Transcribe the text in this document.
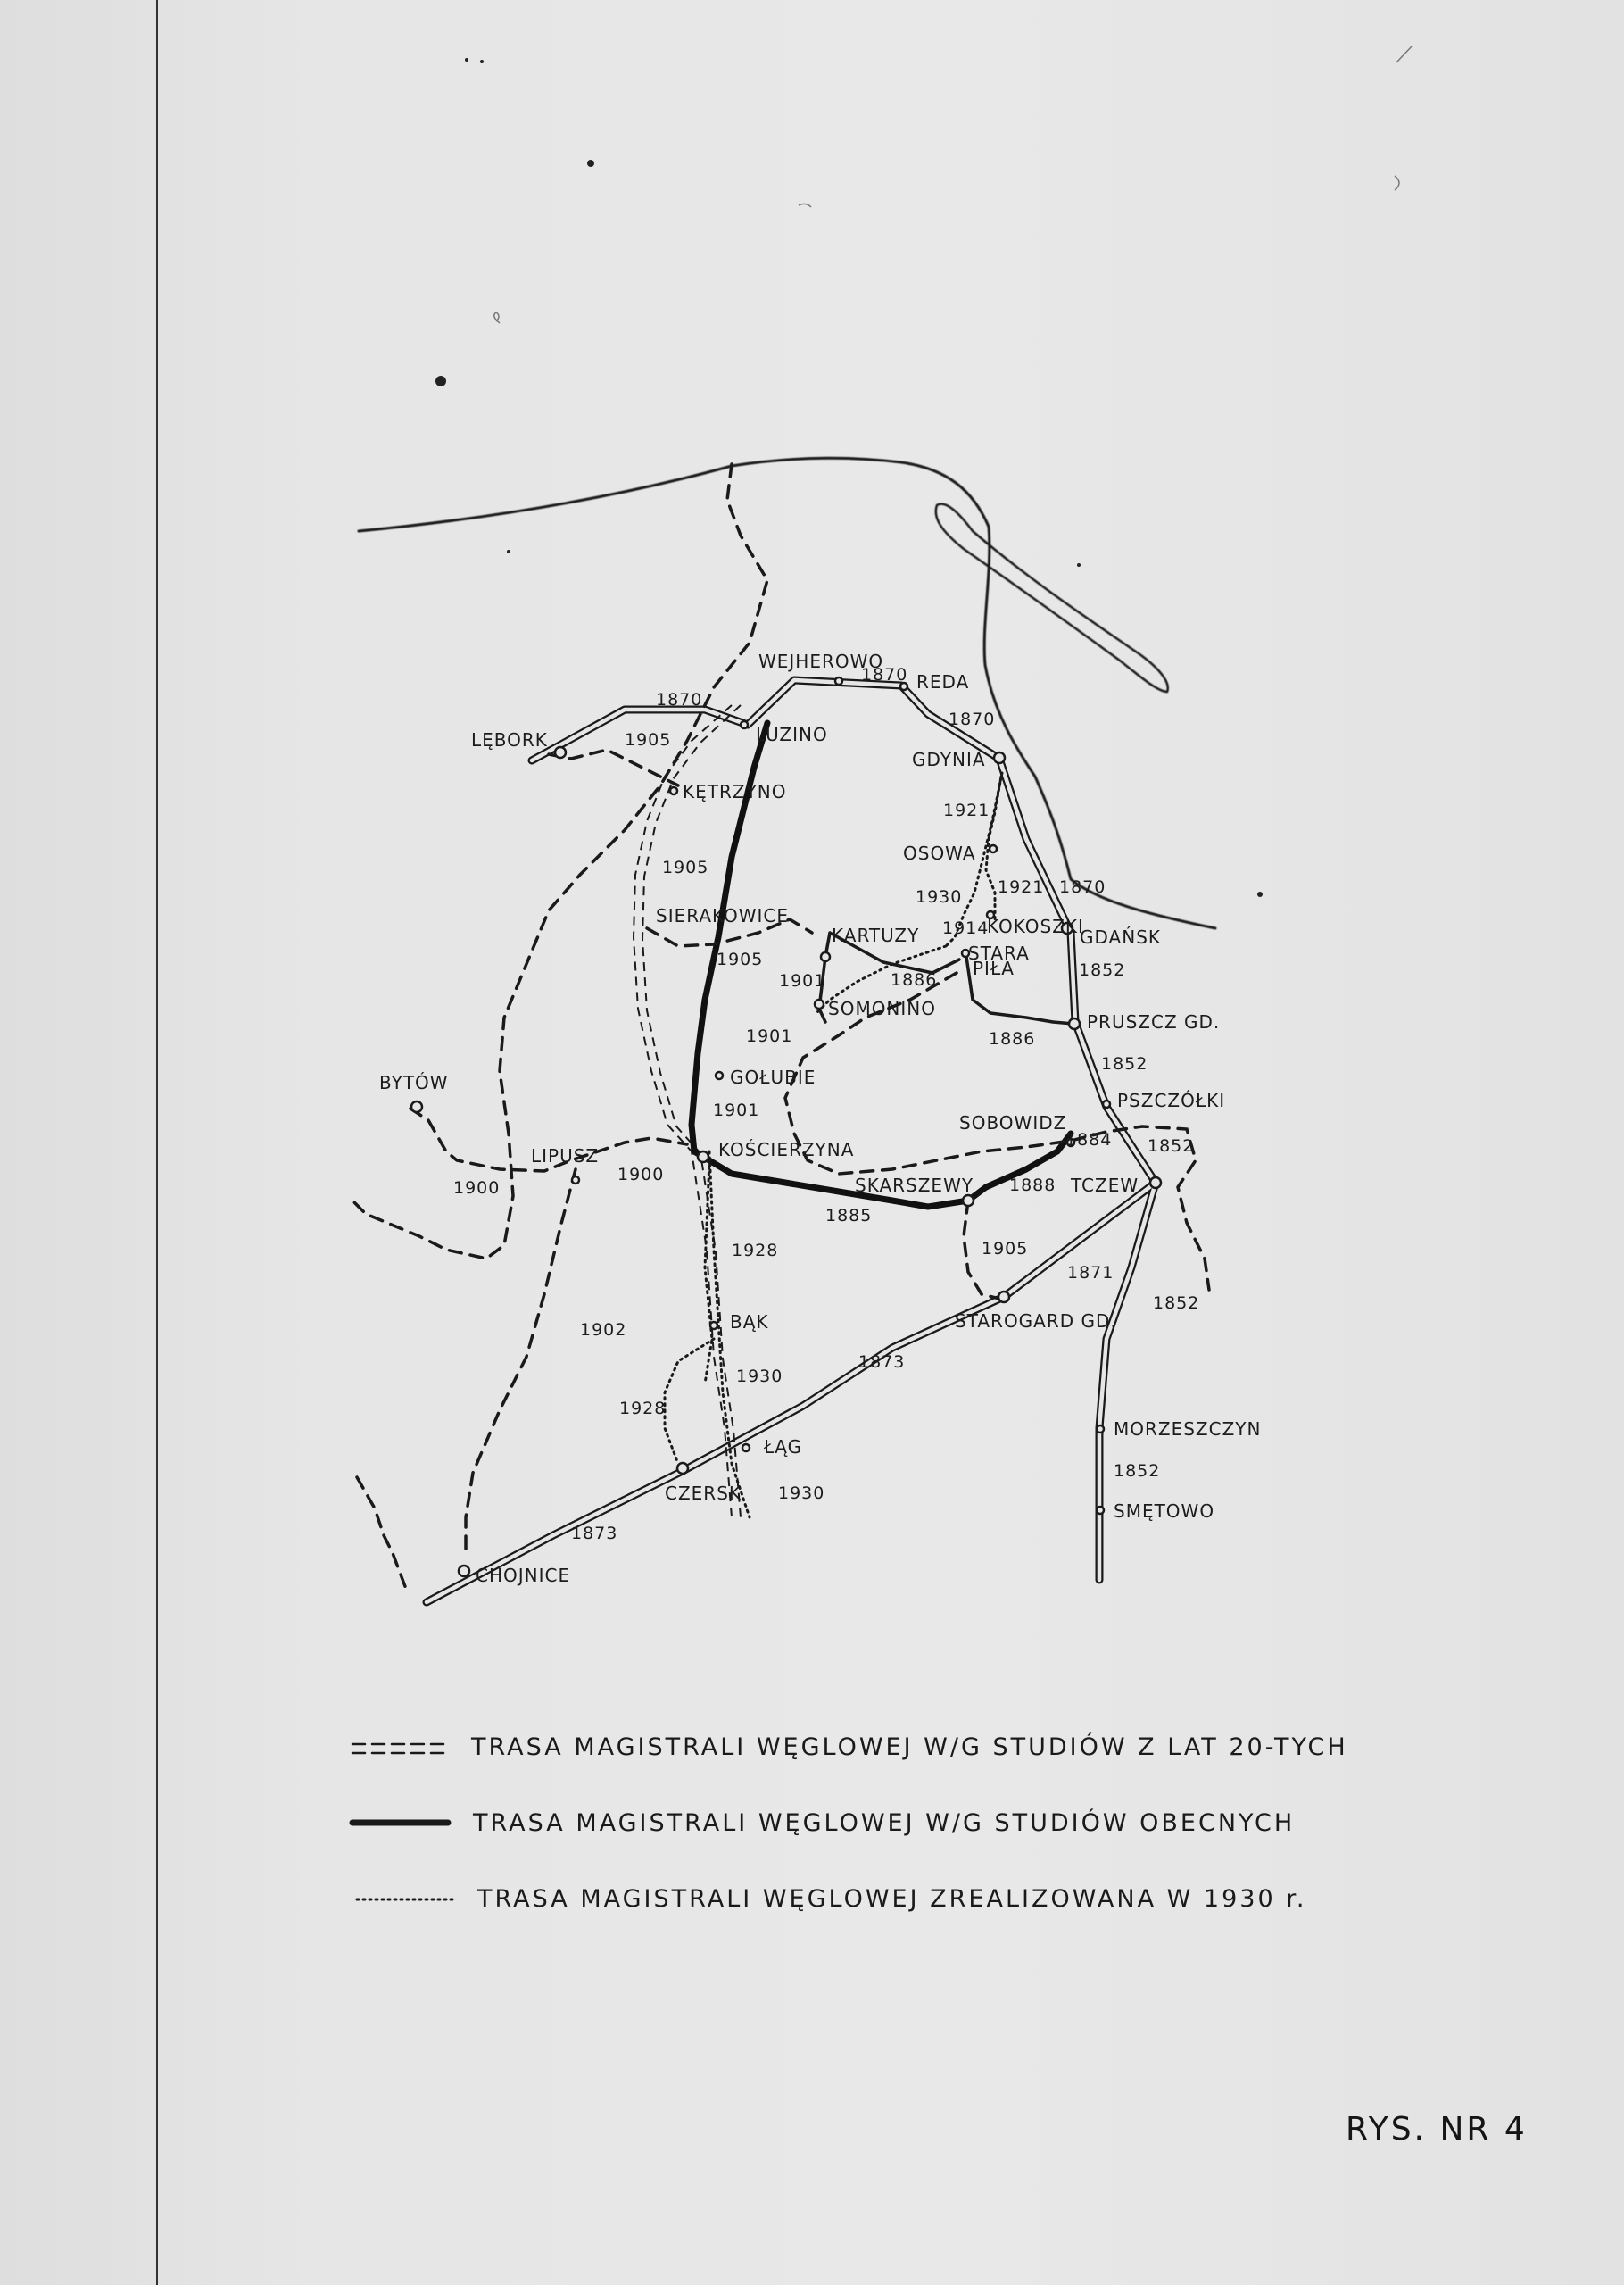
LĘBORK
WEJHEROWO
REDA
LUZINO
GDYNIA
KĘTRZYNO
OSOWA
SIERAKOWICE
KARTUZY	KOKOSZKI
GDAŃSK
STARA
PIŁA
SOMONINO
PRUSZCZ GD.
GOŁUBIE
BYTÓW
PSZCZÓŁKI
SOBOWIDZ
LIPUSZ	KOŚCIERZYNA
SKARSZEWY	TCZEW
STAROGARD GD.
BĄK
ŁĄG
CZERSK
MORZESZCZYN
SMĘTOWO
CHOJNICE
1870
1870
1870
1870
1905
1905
1905
1905
1921
1921
1930
1914
1852
1852
1852
1852
1852
1886
1886
1901
1901
1901
1884
1888
1900
1900
1885
1928
1871
1902
1873
1930
1928
1930
1873
TRASA MAGISTRALI WĘGLOWEJ W/G STUDIÓW Z LAT 20-TYCH
TRASA MAGISTRALI WĘGLOWEJ W/G STUDIÓW OBECNYCH
TRASA MAGISTRALI WĘGLOWEJ ZREALIZOWANA W 1930 r.
RYS. NR 4
